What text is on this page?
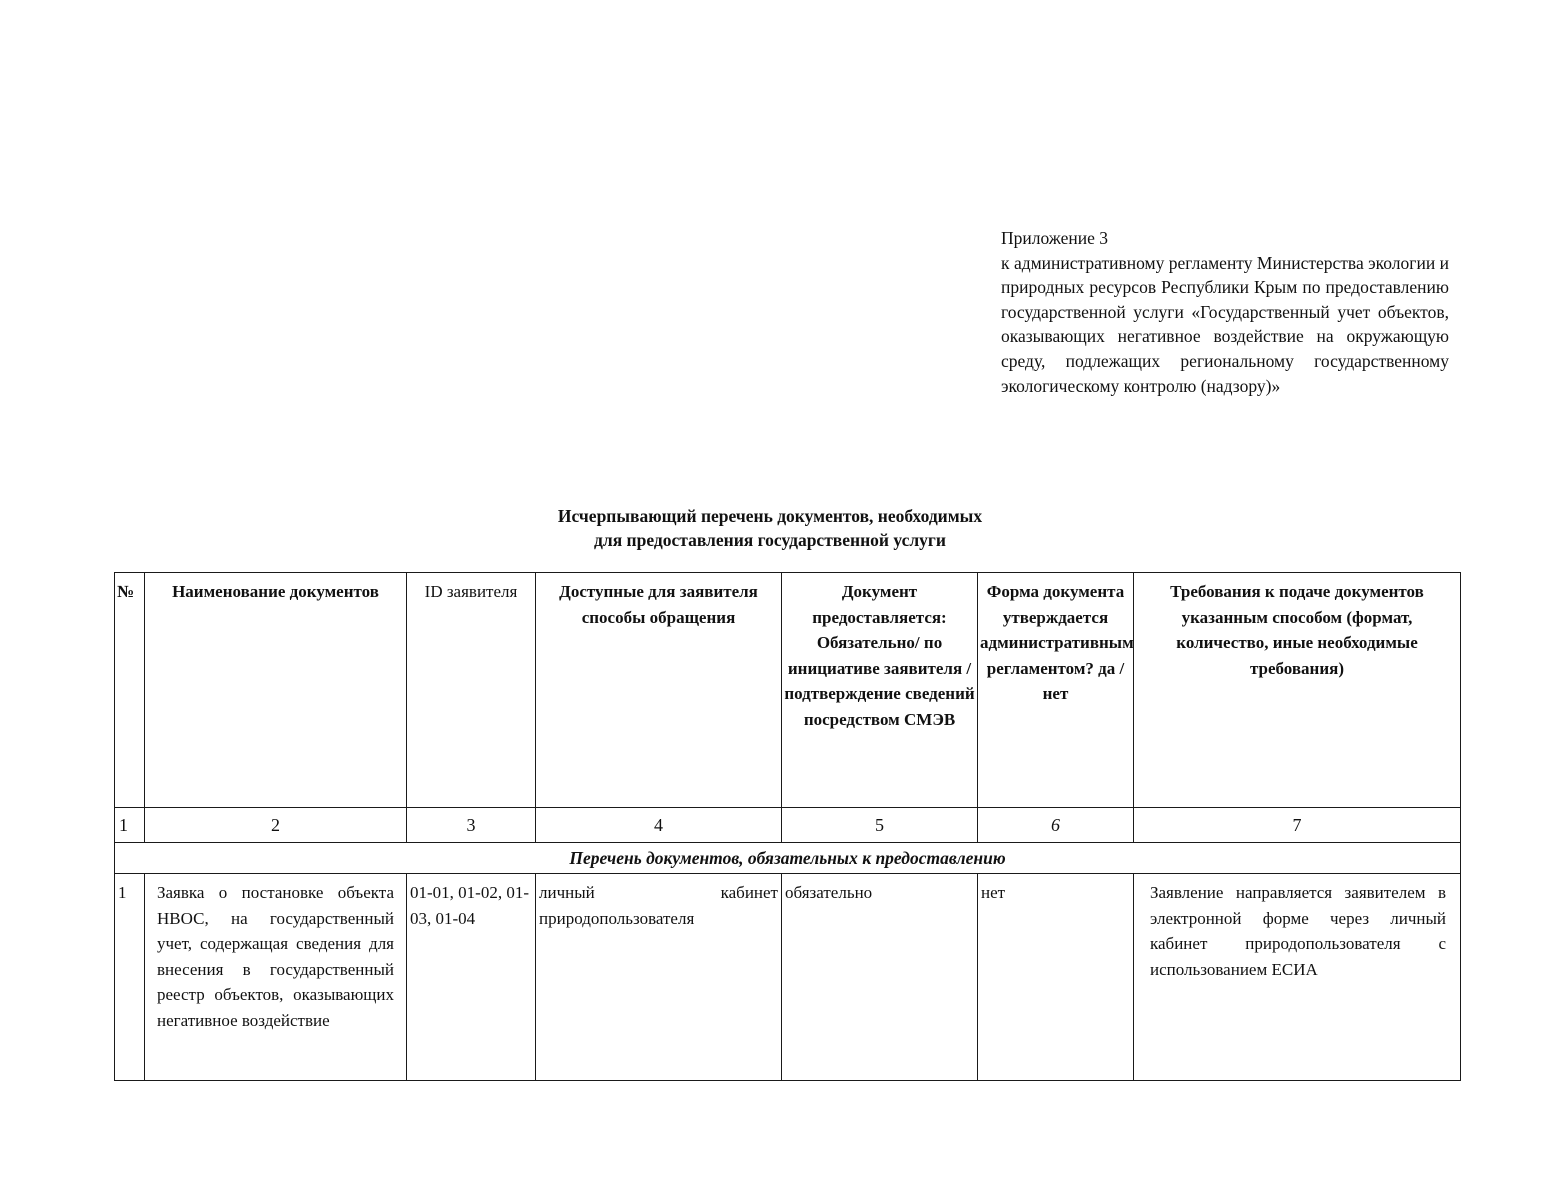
Приложение 3
к административному регламенту Министерства экологии и природных ресурсов Республики Крым по предоставлению государственной услуги «Государственный учет объектов, оказывающих негативное воздействие на окружающую среду, подлежащих региональному государственному экологическому контролю (надзору)»
Исчерпывающий перечень документов, необходимых
для предоставления государственной услуги
№	Наименование документов	ID заявителя	Доступные для заявителя способы обращения	Документ предоставляется: Обязательно/ по инициативе заявителя /подтверждение сведений посредством СМЭВ	Форма документа утверждается административным регламентом? да /нет	Требования к подаче документов указанным способом (формат, количество, иные необходимые требования)
1	2	3	4	5	6	7
Перечень документов, обязательных к предоставлению						
1	Заявка о постановке объекта НВОС, на государственный учет, содержащая сведения для внесения в государственный реестр объектов, оказывающих негативное воздействие	01-01, 01-02, 01-03, 01-04	личный кабинет природопользователя	обязательно	нет	Заявление направляется заявителем в электронной форме через личный кабинет природопользователя с использованием ЕСИА
